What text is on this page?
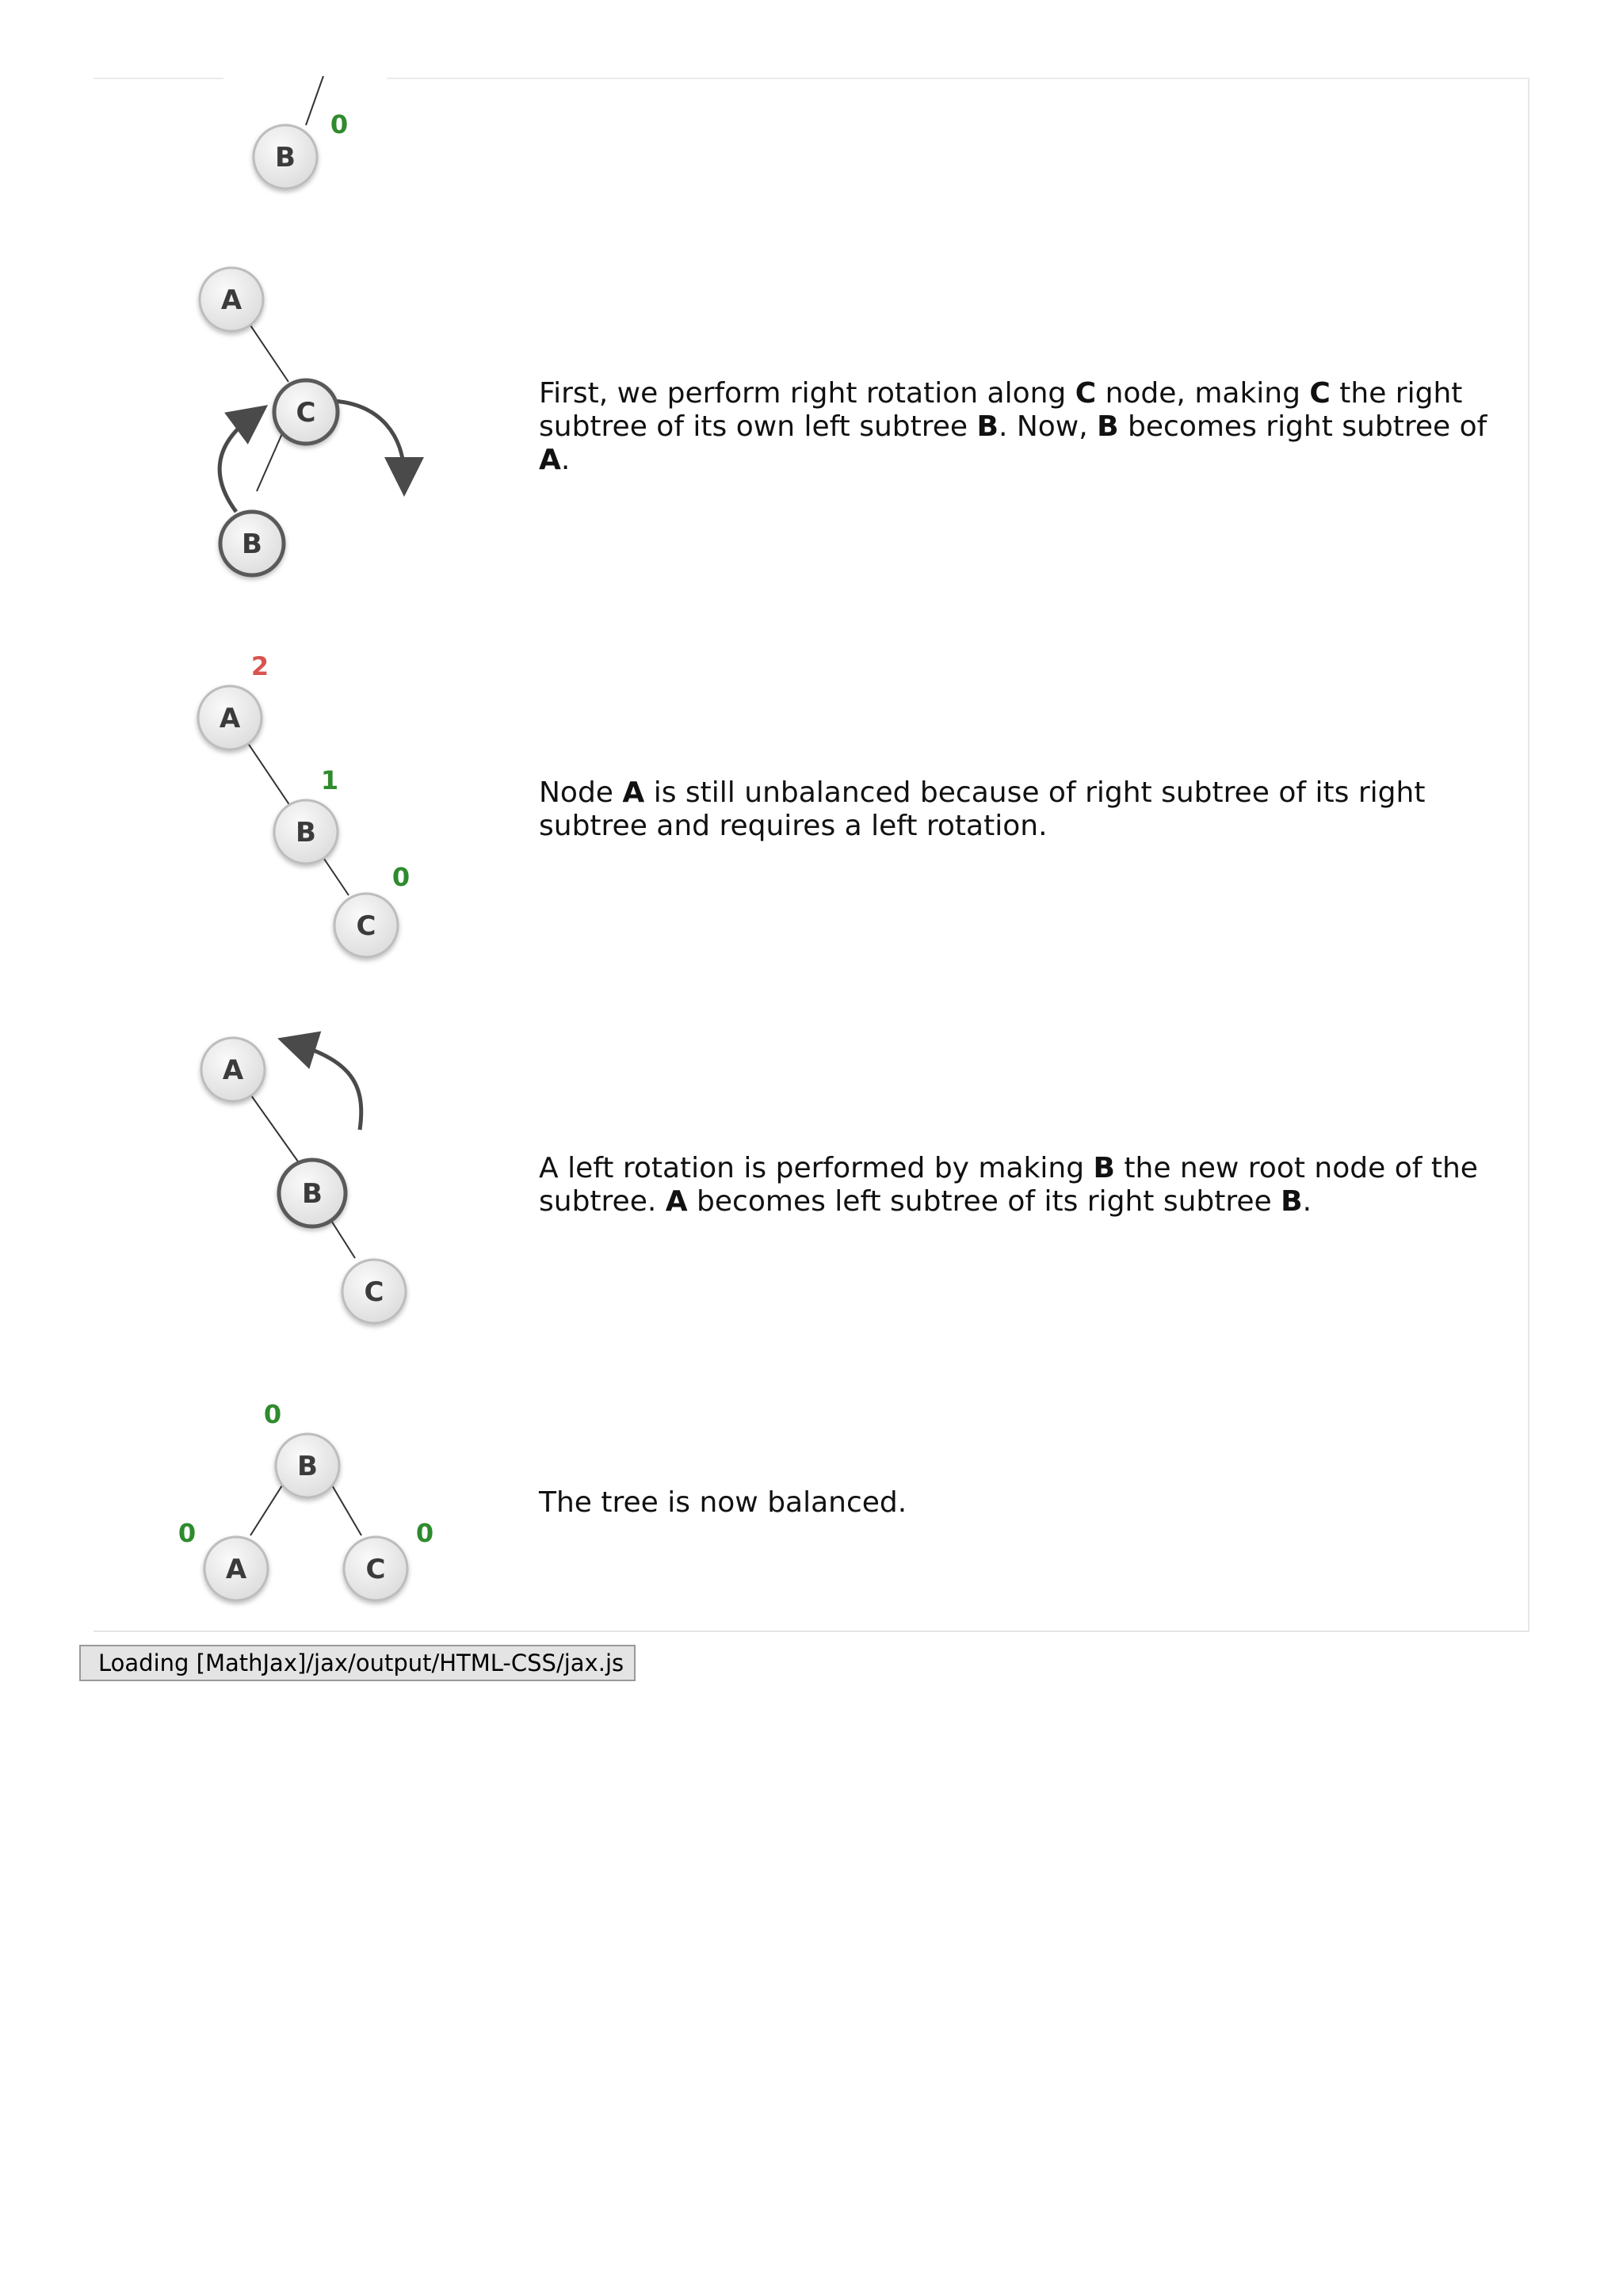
B
0
A
C
B
First, we perform right rotation along C node, making C the right subtree of its own left subtree B. Now, B becomes right subtree of A.
2
1
0
A
B
C
Node A is still unbalanced because of right subtree of its right subtree and requires a left rotation.
A
B
C
A left rotation is performed by making B the new root node of the subtree. A becomes left subtree of its right subtree B.
0
0	0
B
A	C
The tree is now balanced.
Loading [MathJax]/jax/output/HTML-CSS/jax.js
